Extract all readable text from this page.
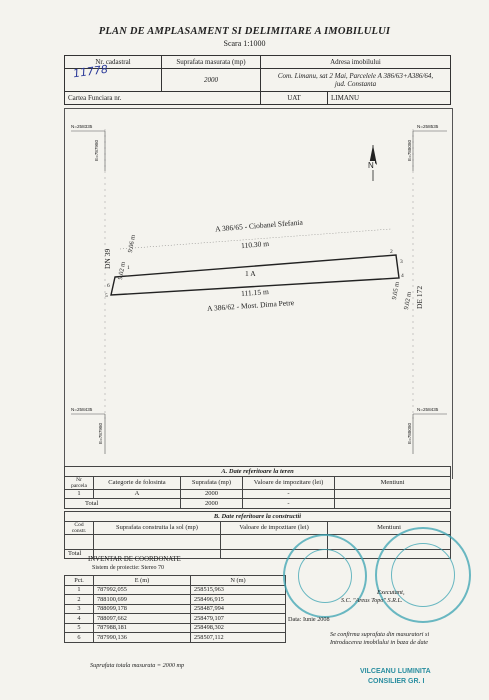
PLAN DE AMPLASAMENT SI DELIMITARE A IMOBILULUI
Scara 1:1000
Nr. cadastral	Suprafata masurata (mp)	Adresa imobilului	

11778	2000	Com. Limanu, sat 2 Mai, Parcelele A 386/63+A386/64,
jud. Constanta	

Cartea Funciara nr.		UAT	LIMANU
N=258335
E=787980
N=258535
E=788080
N=258435
E=787980
N=258435
E=788080
N
A 386/65 - Ciobanel Sfefania
110.30 m
1 A
111.15 m
A 386/62 - Most. Dima Petre
DN 39
9.02 m
9.06 m
9.02 m
9.05 m DE 172
1
2
3
4
5
6
A. Date referitoare la teren				
Nr parcela	Categorie de folosinta	Suprafata (mp)	Valoare de impozitare (lei)	Mentiuni
1	A	2000	-	
Total		2000	-	
B. Date referitoare la constructii			
Cod constr.	Suprafata construita la sol (mp)	Valoare de impozitare (lei)	Mentiuni

Total			
INVENTAR DE COORDONATE
Sistem de proiectie: Stereo 70
Pct.	E (m)	N (m)
1	787992,055	258515,963
2	788100,699	258496,915
3	788099,178	258487,994
4	788097,662	258479,107
5	787988,181	258498,302
6	787990,136	258507,112
Suprafata totala masurata = 2000 mp
Executant,
S.C. "Areus Topo" S.R.L.
Data: Iunie 2008
Se confirma suprafata din masuratori si
Introducerea imobilului in baza de date
VILCEANU LUMINITA
CONSILIER GR. I
